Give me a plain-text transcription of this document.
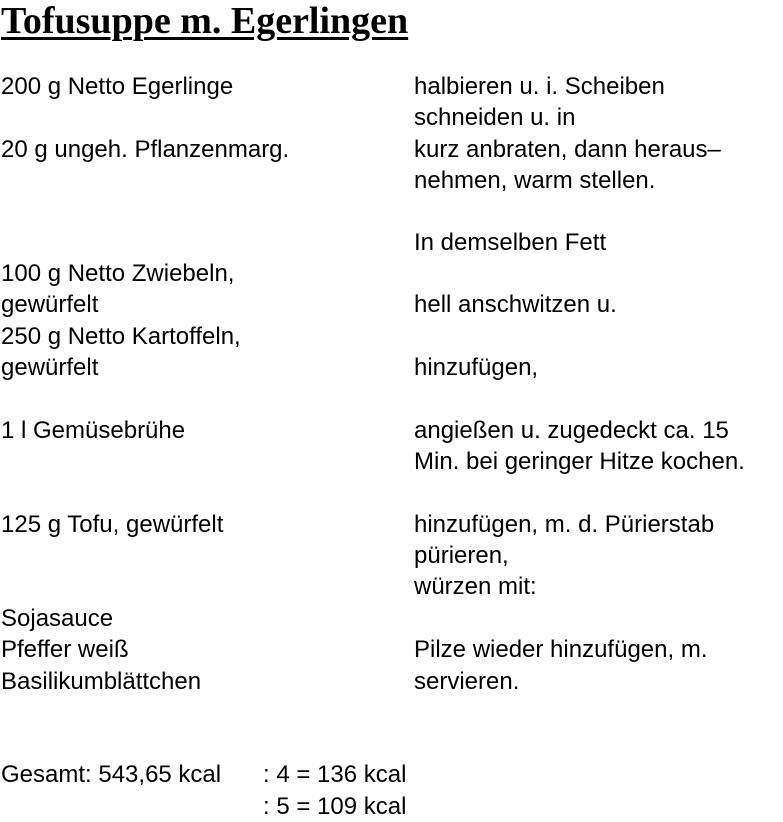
Tofusuppe m. Egerlingen
200 g Netto Egerlinge
20 g ungeh. Pflanzenmarg.
100 g Netto Zwiebeln,
gewürfelt
250 g Netto Kartoffeln,
gewürfelt
1 l Gemüsebrühe
125 g Tofu, gewürfelt
Sojasauce
Pfeffer weiß
Basilikumblättchen
halbieren u. i. Scheiben
schneiden u. in
kurz anbraten, dann heraus–
nehmen, warm stellen.
In demselben Fett
hell anschwitzen u.
hinzufügen,
angießen u. zugedeckt ca. 15
Min. bei geringer Hitze kochen.
hinzufügen, m. d. Pürierstab
pürieren,
würzen mit:
Pilze wieder hinzufügen, m.
servieren.
Gesamt: 543,65 kcal : 4 = 136 kcal
: 5 = 109 kcal
